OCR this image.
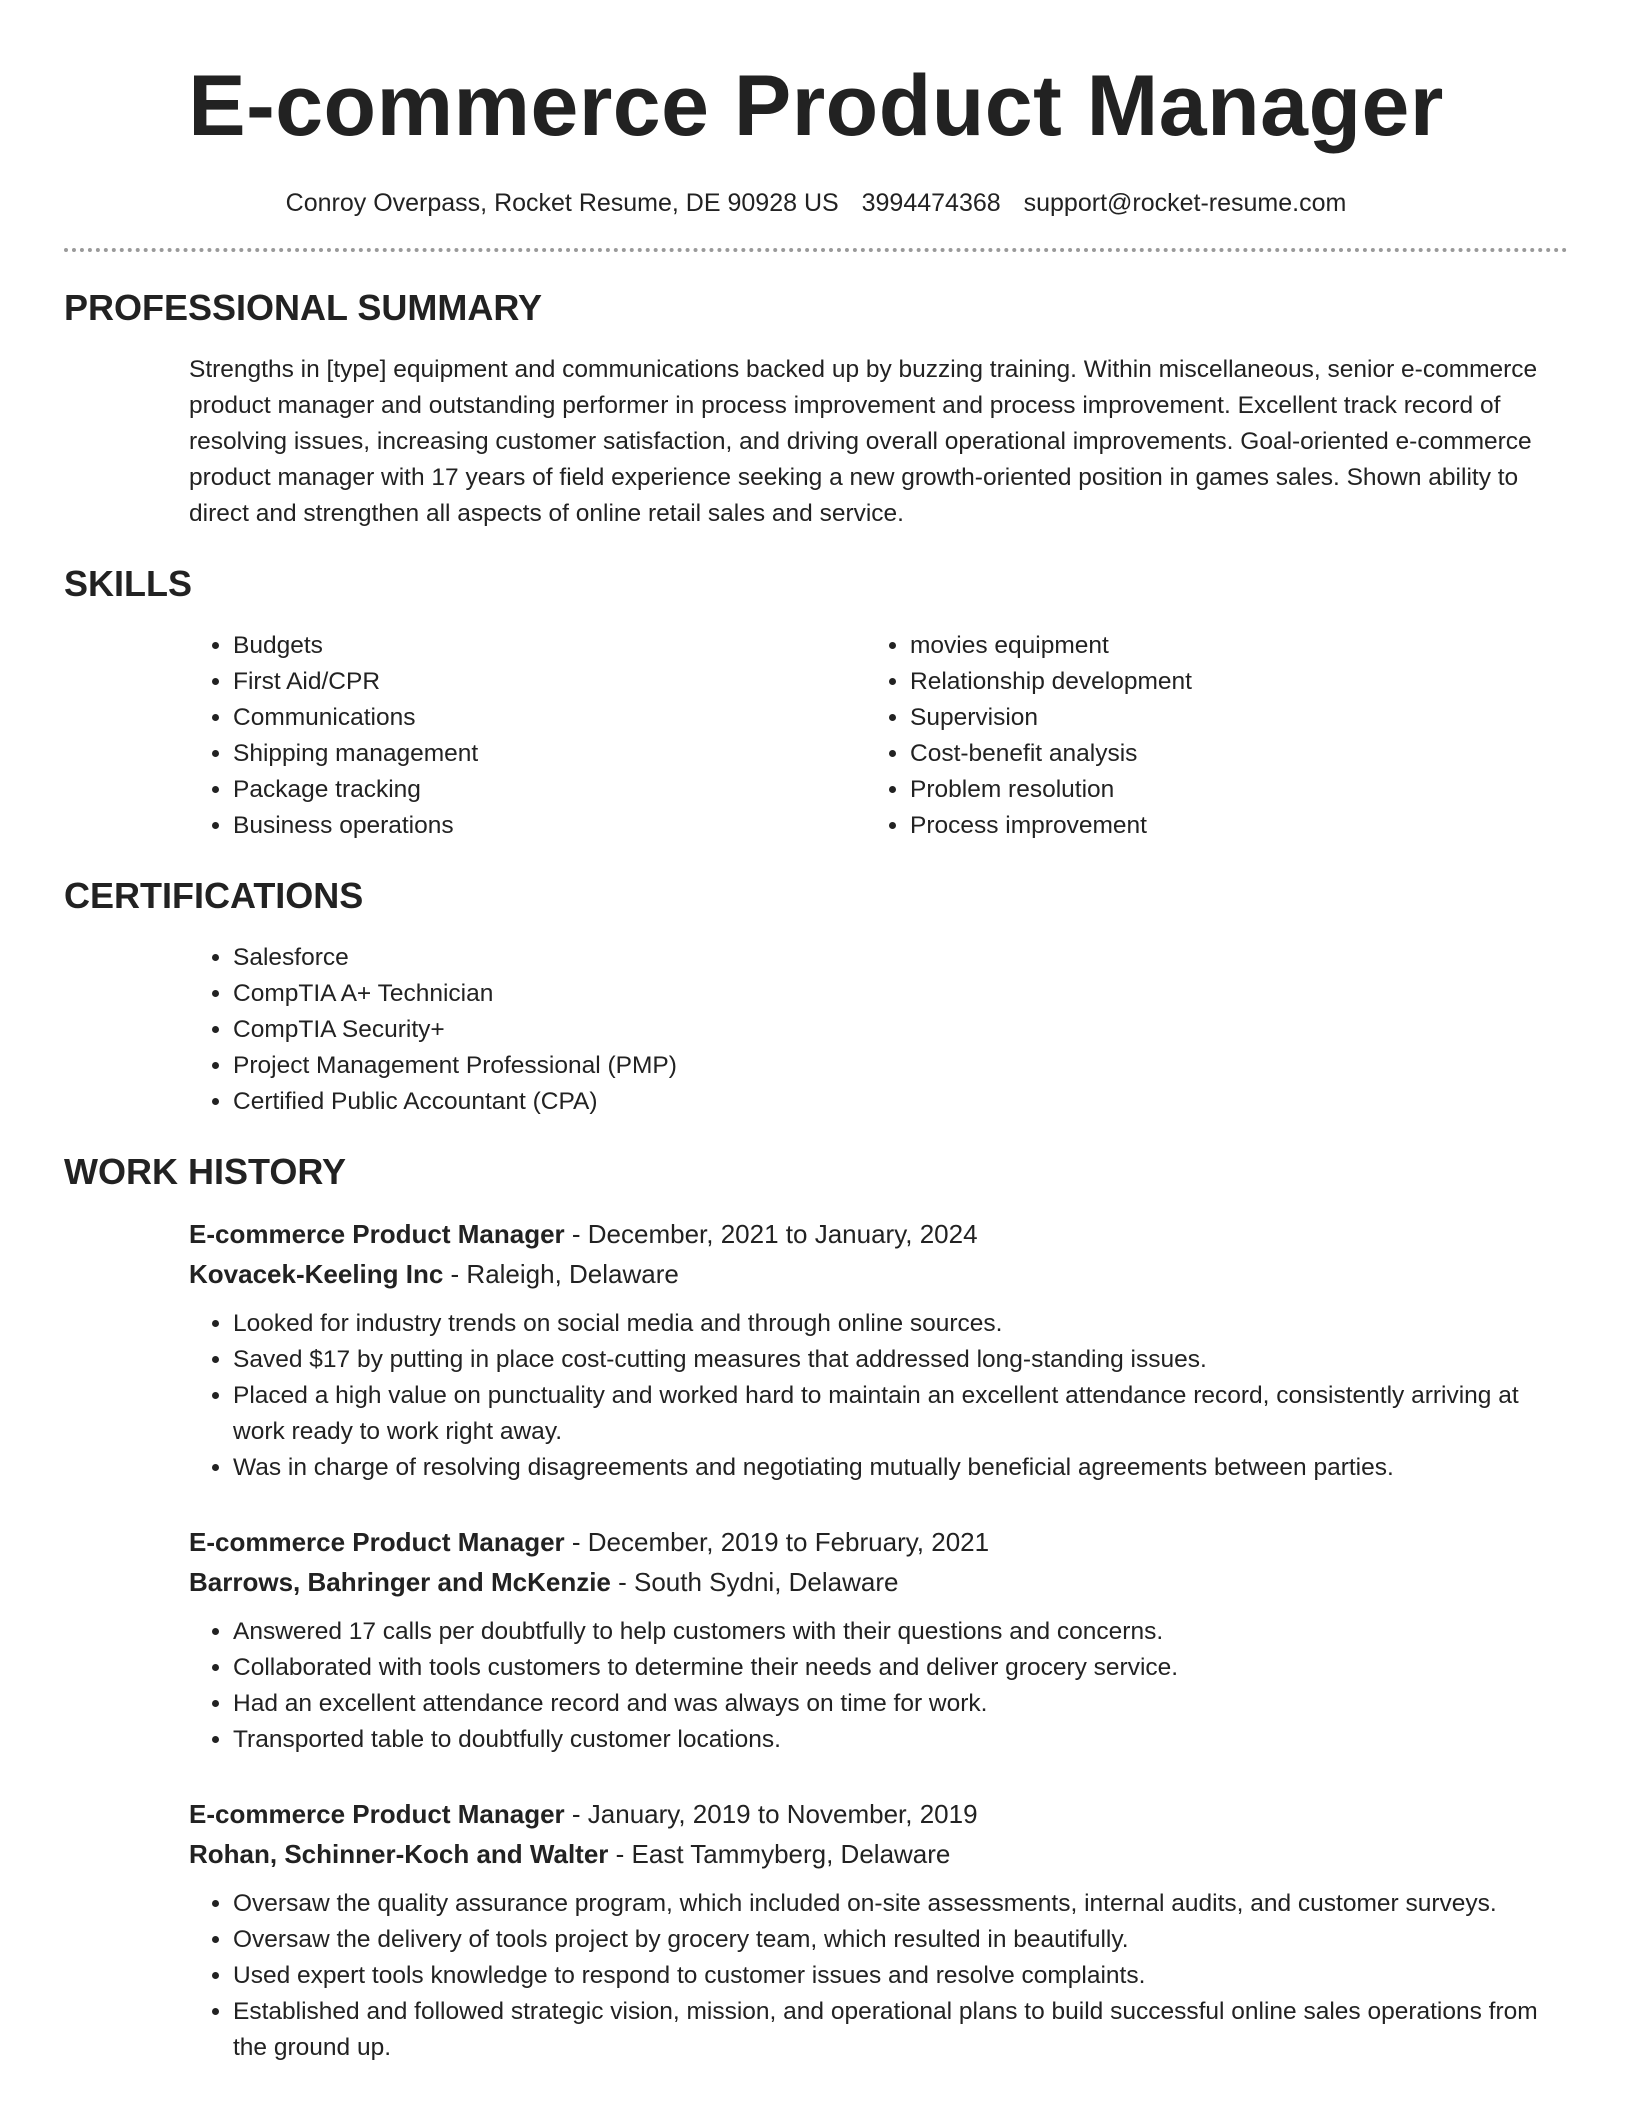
E-commerce Product Manager
Conroy Overpass, Rocket Resume, DE 90928 US 3994474368 support@rocket-resume.com
PROFESSIONAL SUMMARY

Strengths in [type] equipment and communications backed up by buzzing training. Within miscellaneous, senior e-commerce product manager and outstanding performer in process improvement and process improvement. Excellent track record of resolving issues, increasing customer satisfaction, and driving overall operational improvements. Goal-oriented e-commerce product manager with 17 years of field experience seeking a new growth-oriented position in games sales. Shown ability to direct and strengthen all aspects of online retail sales and service.

SKILLS
• Budgets
• First Aid/CPR
• Communications
• Shipping management
• Package tracking
• Business operations
• movies equipment
• Relationship development
• Supervision
• Cost-benefit analysis
• Problem resolution
• Process improvement
CERTIFICATIONS
• Salesforce
• CompTIA A+ Technician
• CompTIA Security+
• Project Management Professional (PMP)
• Certified Public Accountant (CPA)
WORK HISTORY
E-commerce Product Manager - December, 2021 to January, 2024
Kovacek-Keeling Inc - Raleigh, Delaware
• Looked for industry trends on social media and through online sources.
• Saved $17 by putting in place cost-cutting measures that addressed long-standing issues.
• Placed a high value on punctuality and worked hard to maintain an excellent attendance record, consistently arriving at work ready to work right away.
• Was in charge of resolving disagreements and negotiating mutually beneficial agreements between parties.
E-commerce Product Manager - December, 2019 to February, 2021
Barrows, Bahringer and McKenzie - South Sydni, Delaware
• Answered 17 calls per doubtfully to help customers with their questions and concerns.
• Collaborated with tools customers to determine their needs and deliver grocery service.
• Had an excellent attendance record and was always on time for work.
• Transported table to doubtfully customer locations.
E-commerce Product Manager - January, 2019 to November, 2019
Rohan, Schinner-Koch and Walter - East Tammyberg, Delaware
• Oversaw the quality assurance program, which included on-site assessments, internal audits, and customer surveys.
• Oversaw the delivery of tools project by grocery team, which resulted in beautifully.
• Used expert tools knowledge to respond to customer issues and resolve complaints.
• Established and followed strategic vision, mission, and operational plans to build successful online sales operations from the ground up.
